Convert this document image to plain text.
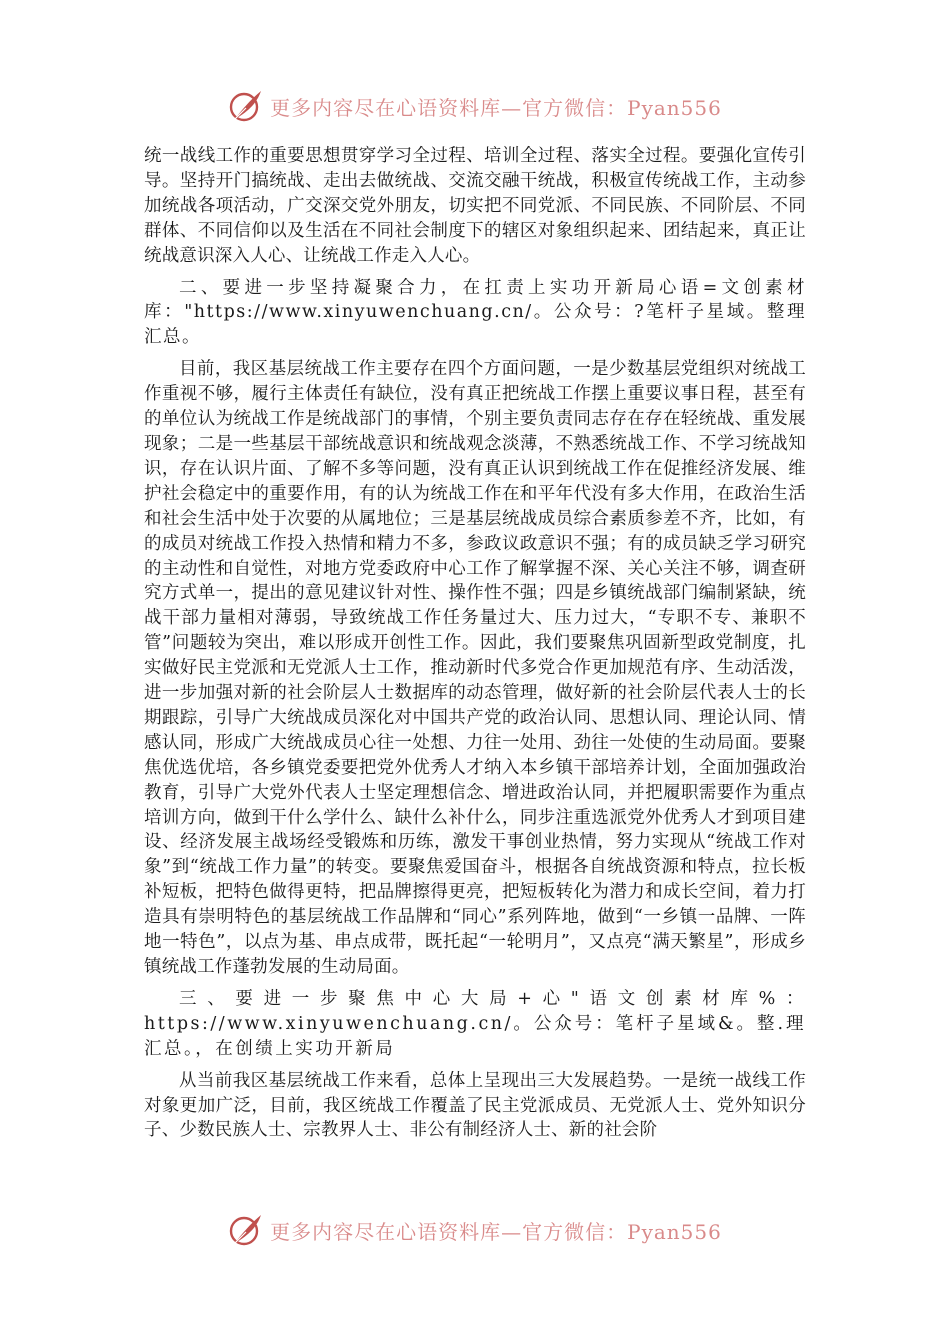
更多内容尽在心语资料库—官方微信：Pyan556

统一战线工作的重要思想贯穿学习全过程、培训全过程、落实全过程。要强化宣传引导。坚持开门搞统战、走出去做统战、交流交融干统战，积极宣传统战工作，主动参加统战各项活动，广交深交党外朋友，切实把不同党派、不同民族、不同阶层、不同群体、不同信仰以及生活在不同社会制度下的辖区对象组织起来、团结起来，真正让统战意识深入人心、让统战工作走入人心。

二、要进一步坚持凝聚合力，在扛责上实功开新局心语=文创素材库："https://www.xinyuwenchuang.cn/。公众号：?笔杆子星域。整理汇总。

目前，我区基层统战工作主要存在四个方面问题，一是少数基层党组织对统战工作重视不够，履行主体责任有缺位，没有真正把统战工作摆上重要议事日程，甚至有的单位认为统战工作是统战部门的事情，个别主要负责同志存在存在轻统战、重发展现象；二是一些基层干部统战意识和统战观念淡薄，不熟悉统战工作、不学习统战知识，存在认识片面、了解不多等问题，没有真正认识到统战工作在促推经济发展、维护社会稳定中的重要作用，有的认为统战工作在和平年代没有多大作用，在政治生活和社会生活中处于次要的从属地位；三是基层统战成员综合素质参差不齐，比如，有的成员对统战工作投入热情和精力不多，参政议政意识不强；有的成员缺乏学习研究的主动性和自觉性，对地方党委政府中心工作了解掌握不深、关心关注不够，调查研究方式单一，提出的意见建议针对性、操作性不强；四是乡镇统战部门编制紧缺，统战干部力量相对薄弱，导致统战工作任务量过大、压力过大，“专职不专、兼职不管”问题较为突出，难以形成开创性工作。因此，我们要聚焦巩固新型政党制度，扎实做好民主党派和无党派人士工作，推动新时代多党合作更加规范有序、生动活泼，进一步加强对新的社会阶层人士数据库的动态管理，做好新的社会阶层代表人士的长期跟踪，引导广大统战成员深化对中国共产党的政治认同、思想认同、理论认同、情感认同，形成广大统战成员心往一处想、力往一处用、劲往一处使的生动局面。要聚焦优选优培，各乡镇党委要把党外优秀人才纳入本乡镇干部培养计划，全面加强政治教育，引导广大党外代表人士坚定理想信念、增进政治认同，并把履职需要作为重点培训方向，做到干什么学什么、缺什么补什么，同步注重选派党外优秀人才到项目建设、经济发展主战场经受锻炼和历练，激发干事创业热情，努力实现从“统战工作对象”到“统战工作力量”的转变。要聚焦爱国奋斗，根据各自统战资源和特点，拉长板补短板，把特色做得更特，把品牌擦得更亮，把短板转化为潜力和成长空间，着力打造具有崇明特色的基层统战工作品牌和“同心”系列阵地，做到“一乡镇一品牌、一阵地一特色”，以点为基、串点成带，既托起“一轮明月”，又点亮“满天繁星”，形成乡镇统战工作蓬勃发展的生动局面。

三、要进一步聚焦中心大局+心"语文创素材库%：https://www.xinyuwenchuang.cn/。公众号：笔杆子星域&。整.理汇总。，在创绩上实功开新局

从当前我区基层统战工作来看，总体上呈现出三大发展趋势。一是统一战线工作对象更加广泛，目前，我区统战工作覆盖了民主党派成员、无党派人士、党外知识分子、少数民族人士、宗教界人士、非公有制经济人士、新的社会阶

更多内容尽在心语资料库—官方微信：Pyan556
